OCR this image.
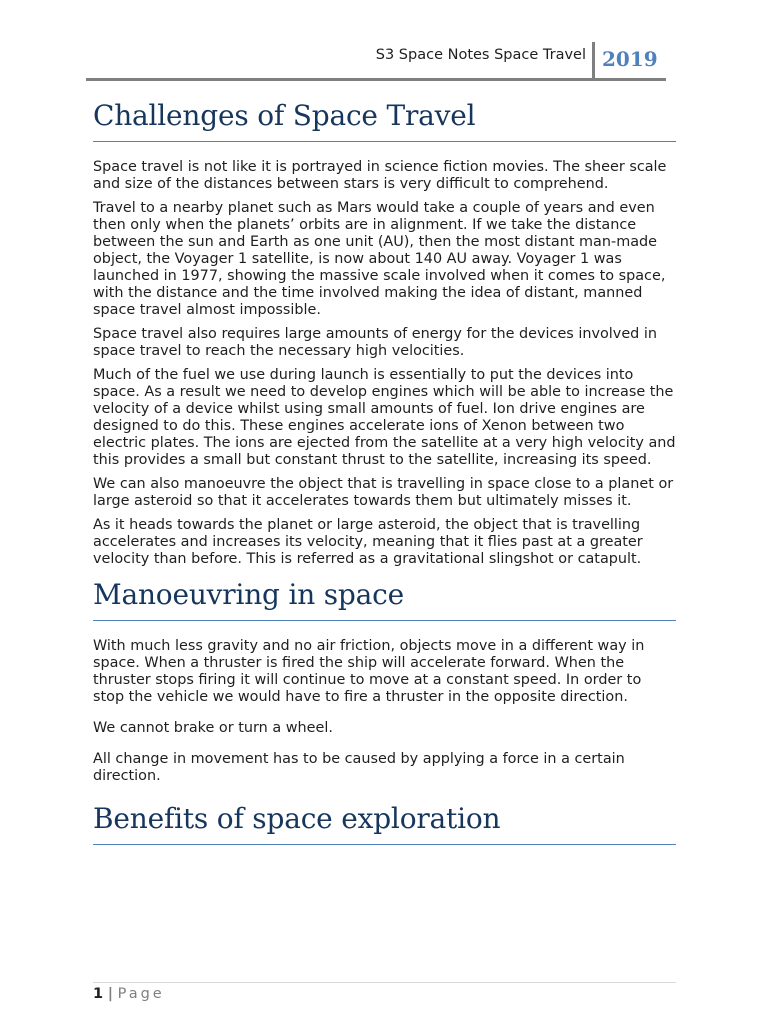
S3 Space Notes Space Travel 2019
Challenges of Space Travel

Space travel is not like it is portrayed in science fiction movies. The sheer scale and size of the distances between stars is very difficult to comprehend.

Travel to a nearby planet such as Mars would take a couple of years and even then only when the planets’ orbits are in alignment. If we take the distance between the sun and Earth as one unit (AU), then the most distant man-made object, the Voyager 1 satellite, is now about 140 AU away. Voyager 1 was launched in 1977, showing the massive scale involved when it comes to space, with the distance and the time involved making the idea of distant, manned space travel almost impossible.

Space travel also requires large amounts of energy for the devices involved in space travel to reach the necessary high velocities.

Much of the fuel we use during launch is essentially to put the devices into space. As a result we need to develop engines which will be able to increase the velocity of a device whilst using small amounts of fuel. Ion drive engines are designed to do this. These engines accelerate ions of Xenon between two electric plates. The ions are ejected from the satellite at a very high velocity and this provides a small but constant thrust to the satellite, increasing its speed.

We can also manoeuvre the object that is travelling in space close to a planet or large asteroid so that it accelerates towards them but ultimately misses it.

As it heads towards the planet or large asteroid, the object that is travelling accelerates and increases its velocity, meaning that it flies past at a greater velocity than before. This is referred as a gravitational slingshot or catapult.

Manoeuvring in space

With much less gravity and no air friction, objects move in a different way in space. When a thruster is fired the ship will accelerate forward. When the thruster stops firing it will continue to move at a constant speed. In order to stop the vehicle we would have to fire a thruster in the opposite direction.

We cannot brake or turn a wheel.

All change in movement has to be caused by applying a force in a certain direction.

Benefits of space exploration
1 | Page
